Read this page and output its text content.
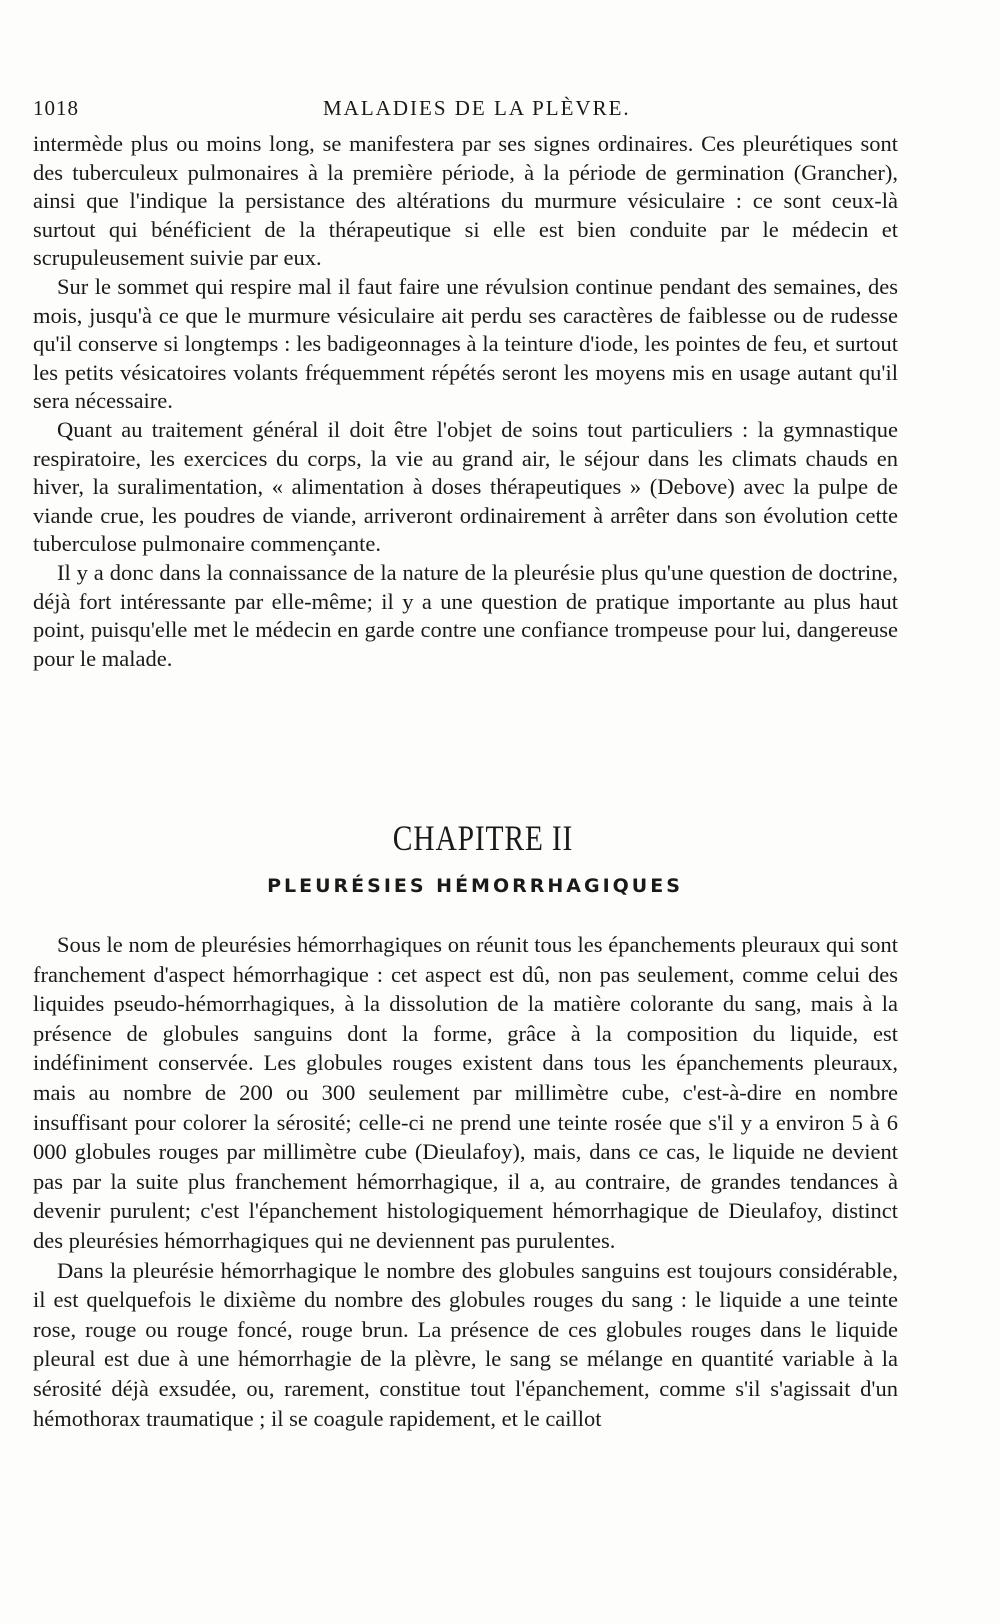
1018	MALADIES DE LA PLÈVRE.

intermède plus ou moins long, se manifestera par ses signes ordinaires. Ces pleurétiques sont des tuberculeux pulmonaires à la première période, à la période de germination (Grancher), ainsi que l'indique la persistance des altérations du murmure vésiculaire : ce sont ceux-là surtout qui bénéficient de la thérapeutique si elle est bien conduite par le médecin et scrupuleusement suivie par eux.

Sur le sommet qui respire mal il faut faire une révulsion continue pendant des semaines, des mois, jusqu'à ce que le murmure vésiculaire ait perdu ses caractères de faiblesse ou de rudesse qu'il conserve si longtemps : les badigeonnages à la teinture d'iode, les pointes de feu, et surtout les petits vésicatoires volants fréquemment répétés seront les moyens mis en usage autant qu'il sera nécessaire.

Quant au traitement général il doit être l'objet de soins tout particuliers : la gymnastique respiratoire, les exercices du corps, la vie au grand air, le séjour dans les climats chauds en hiver, la suralimentation, « alimentation à doses thérapeutiques » (Debove) avec la pulpe de viande crue, les poudres de viande, arriveront ordinairement à arrêter dans son évolution cette tuberculose pulmonaire commençante.

Il y a donc dans la connaissance de la nature de la pleurésie plus qu'une question de doctrine, déjà fort intéressante par elle-même; il y a une question de pratique importante au plus haut point, puisqu'elle met le médecin en garde contre une confiance trompeuse pour lui, dangereuse pour le malade.

CHAPITRE II
PLEURÉSIES HÉMORRHAGIQUES

Sous le nom de pleurésies hémorrhagiques on réunit tous les épanchements pleuraux qui sont franchement d'aspect hémorrhagique : cet aspect est dû, non pas seulement, comme celui des liquides pseudo-hémorrhagiques, à la dissolution de la matière colorante du sang, mais à la présence de globules sanguins dont la forme, grâce à la composition du liquide, est indéfiniment conservée. Les globules rouges existent dans tous les épanchements pleuraux, mais au nombre de 200 ou 300 seulement par millimètre cube, c'est-à-dire en nombre insuffisant pour colorer la sérosité; celle-ci ne prend une teinte rosée que s'il y a environ 5 à 6 000 globules rouges par millimètre cube (Dieulafoy), mais, dans ce cas, le liquide ne devient pas par la suite plus franchement hémorrhagique, il a, au contraire, de grandes tendances à devenir purulent; c'est l'épanchement histologiquement hémorrhagique de Dieulafoy, distinct des pleurésies hémorrhagiques qui ne deviennent pas purulentes.

Dans la pleurésie hémorrhagique le nombre des globules sanguins est toujours considérable, il est quelquefois le dixième du nombre des globules rouges du sang : le liquide a une teinte rose, rouge ou rouge foncé, rouge brun. La présence de ces globules rouges dans le liquide pleural est due à une hémorrhagie de la plèvre, le sang se mélange en quantité variable à la sérosité déjà exsudée, ou, rarement, constitue tout l'épanchement, comme s'il s'agissait d'un hémothorax traumatique ; il se coagule rapidement, et le caillot
